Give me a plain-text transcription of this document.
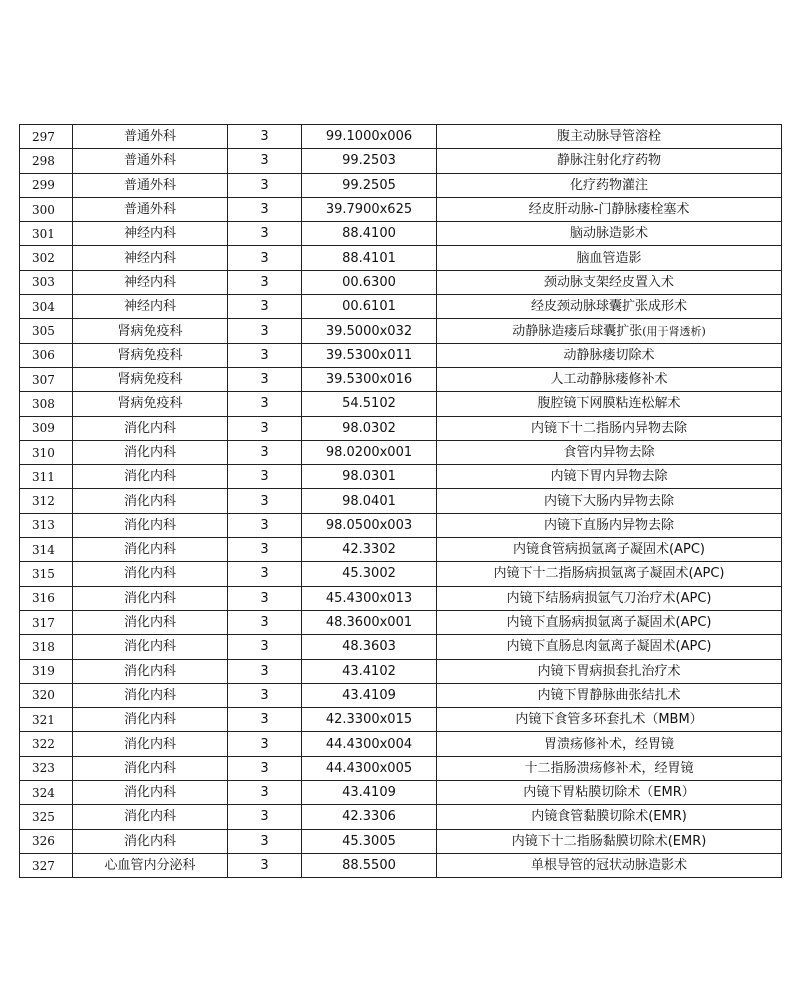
297	普通外科	3	99.1000x006	腹主动脉导管溶栓
298	普通外科	3	99.2503	静脉注射化疗药物
299	普通外科	3	99.2505	化疗药物灌注
300	普通外科	3	39.7900x625	经皮肝动脉-门静脉瘘栓塞术
301	神经内科	3	88.4100	脑动脉造影术
302	神经内科	3	88.4101	脑血管造影
303	神经内科	3	00.6300	颈动脉支架经皮置入术
304	神经内科	3	00.6101	经皮颈动脉球囊扩张成形术
305	肾病免疫科	3	39.5000x032	动静脉造瘘后球囊扩张(用于肾透析)
306	肾病免疫科	3	39.5300x011	动静脉瘘切除术
307	肾病免疫科	3	39.5300x016	人工动静脉瘘修补术
308	肾病免疫科	3	54.5102	腹腔镜下网膜粘连松解术
309	消化内科	3	98.0302	内镜下十二指肠内异物去除
310	消化内科	3	98.0200x001	食管内异物去除
311	消化内科	3	98.0301	内镜下胃内异物去除
312	消化内科	3	98.0401	内镜下大肠内异物去除
313	消化内科	3	98.0500x003	内镜下直肠内异物去除
314	消化内科	3	42.3302	内镜食管病损氩离子凝固术(APC)
315	消化内科	3	45.3002	内镜下十二指肠病损氩离子凝固术(APC)
316	消化内科	3	45.4300x013	内镜下结肠病损氩气刀治疗术(APC)
317	消化内科	3	48.3600x001	内镜下直肠病损氩离子凝固术(APC)
318	消化内科	3	48.3603	内镜下直肠息肉氩离子凝固术(APC)
319	消化内科	3	43.4102	内镜下胃病损套扎治疗术
320	消化内科	3	43.4109	内镜下胃静脉曲张结扎术
321	消化内科	3	42.3300x015	内镜下食管多环套扎术（MBM）
322	消化内科	3	44.4300x004	胃溃疡修补术，经胃镜
323	消化内科	3	44.4300x005	十二指肠溃疡修补术，经胃镜
324	消化内科	3	43.4109	内镜下胃粘膜切除术（EMR）
325	消化内科	3	42.3306	内镜食管黏膜切除术(EMR)
326	消化内科	3	45.3005	内镜下十二指肠黏膜切除术(EMR)
327	心血管内分泌科	3	88.5500	单根导管的冠状动脉造影术
